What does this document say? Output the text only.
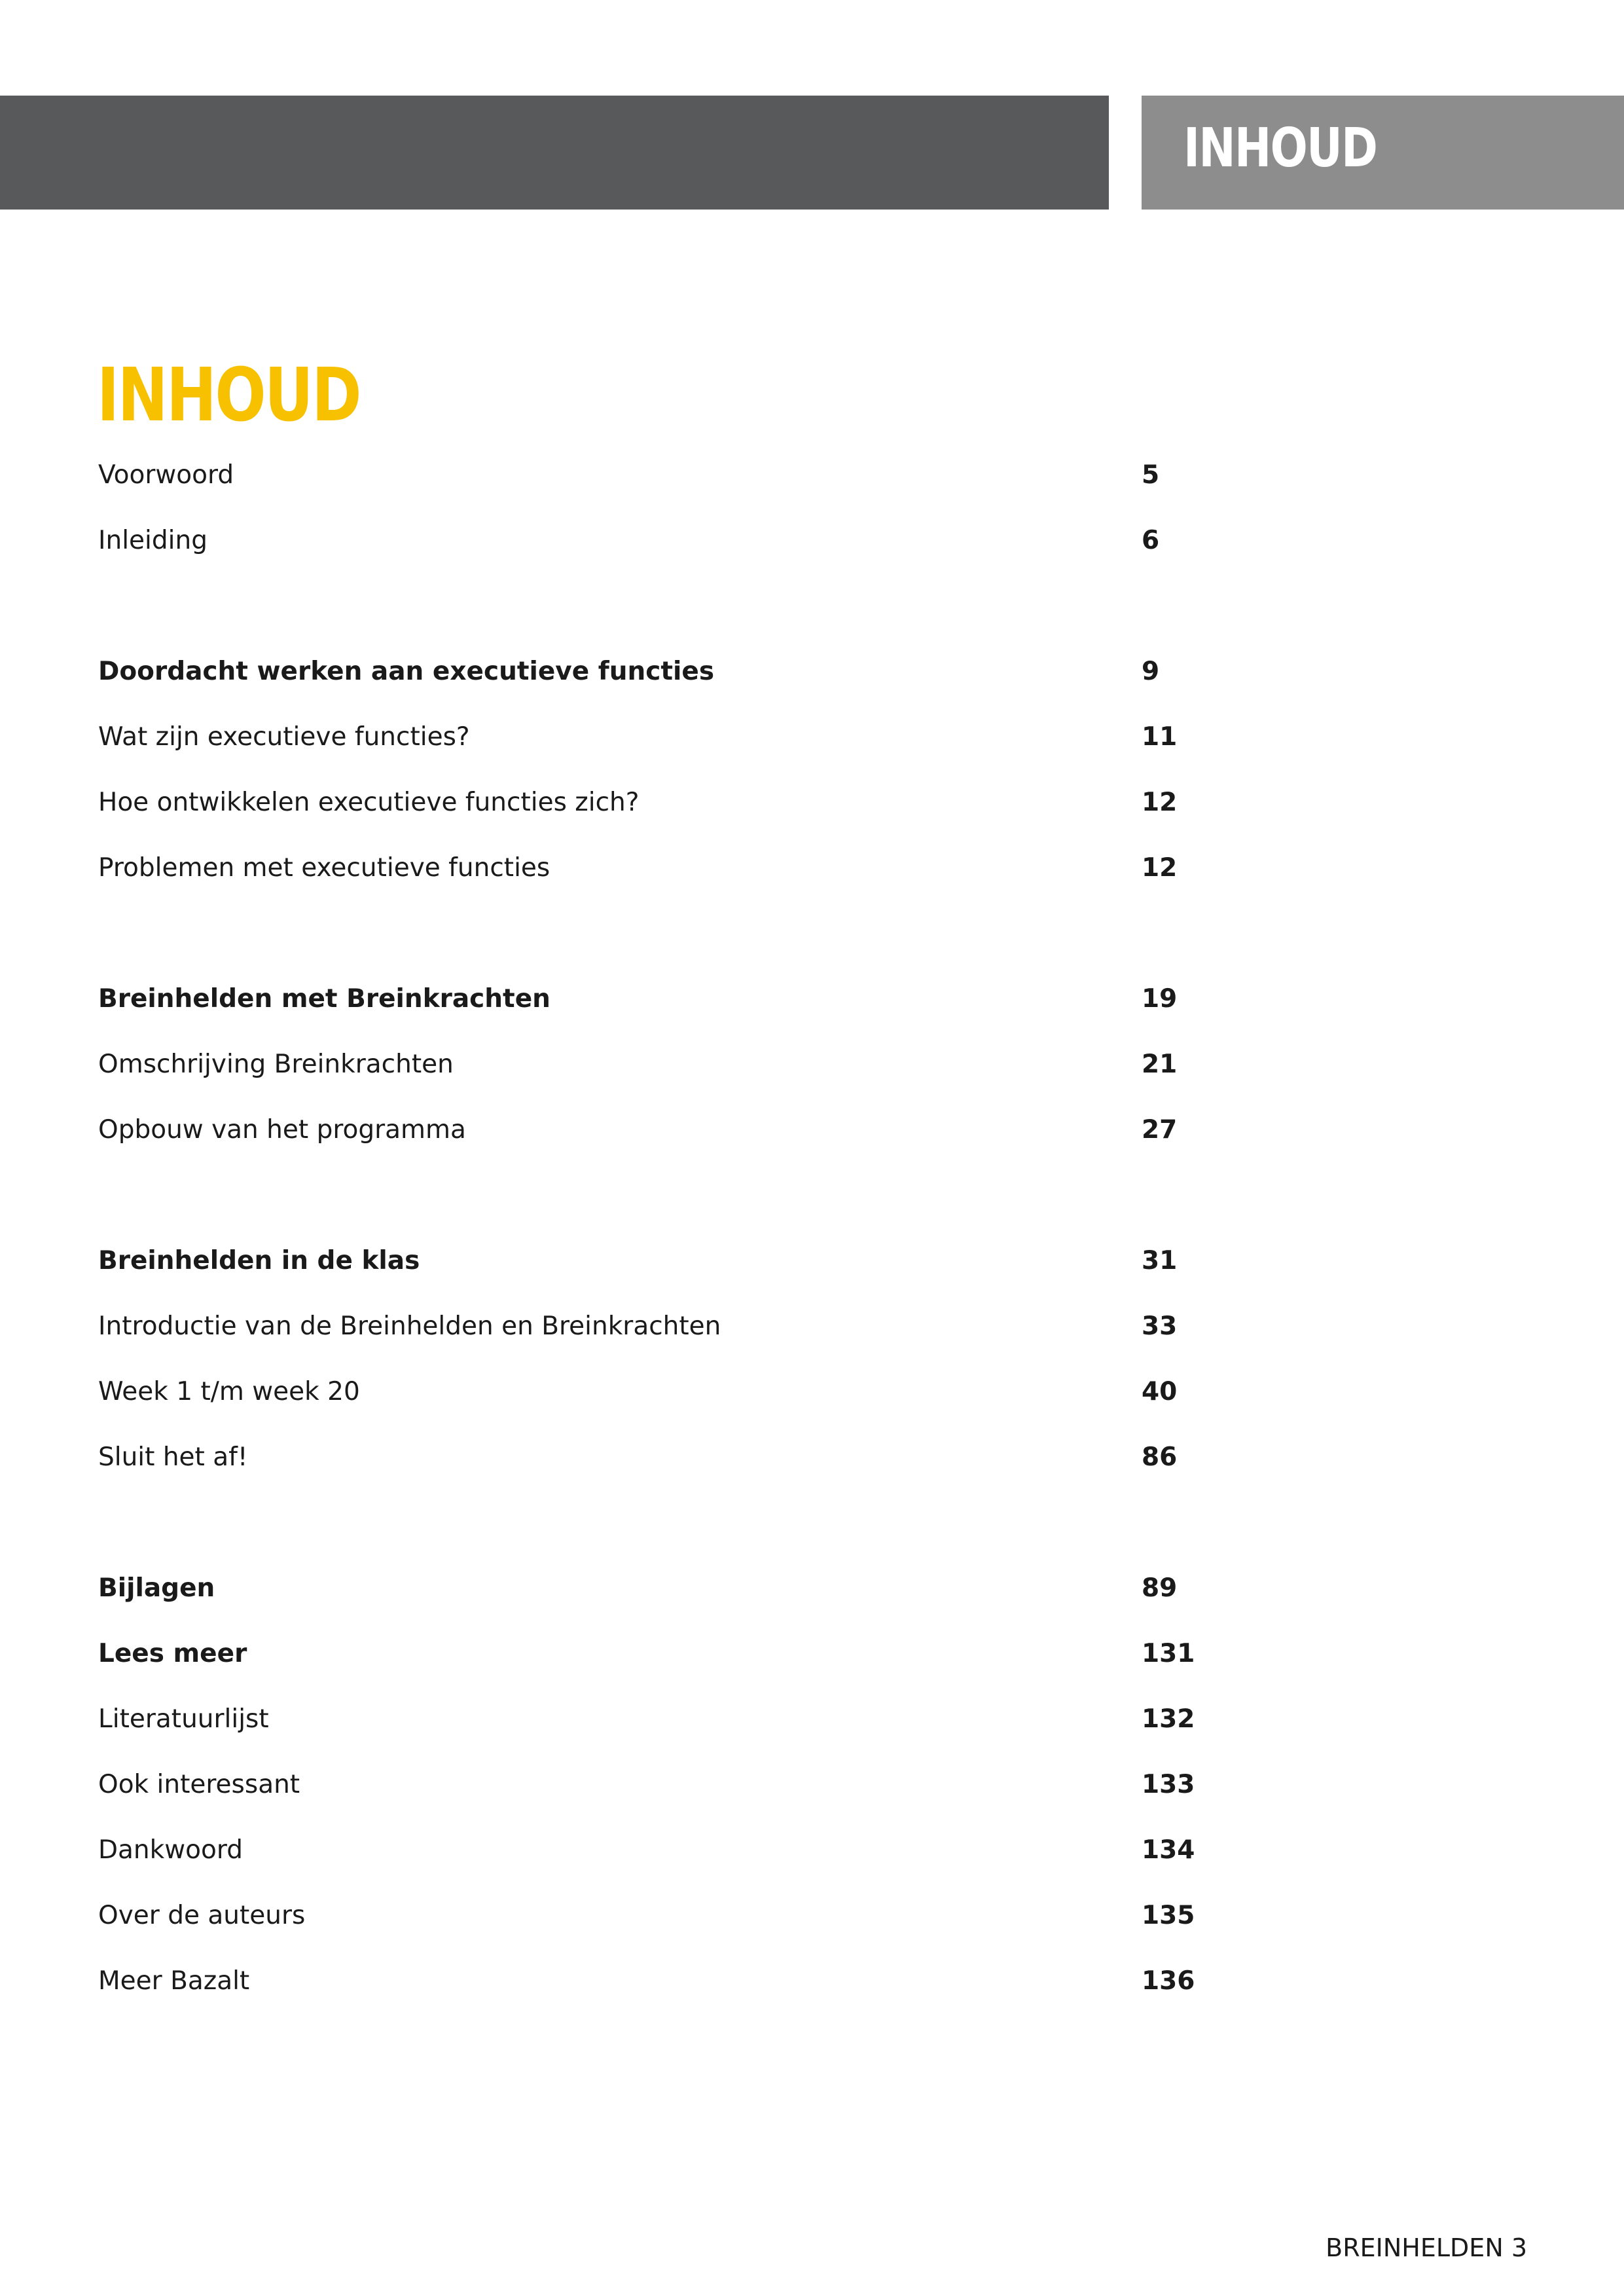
INHOUD
INHOUD
Voorwoord	5
Inleiding	6
Doordacht werken aan executieve functies	9
Wat zijn executieve functies?	11
Hoe ontwikkelen executieve functies zich?	12
Problemen met executieve functies	12
Breinhelden met Breinkrachten	19
Omschrijving Breinkrachten	21
Opbouw van het programma	27
Breinhelden in de klas	31
Introductie van de Breinhelden en Breinkrachten	33
Week 1 t/m week 20	40
Sluit het af!	86
Bijlagen	89
Lees meer	131
Literatuurlijst	132
Ook interessant	133
Dankwoord	134
Over de auteurs	135
Meer Bazalt	136
BREINHELDEN 3
